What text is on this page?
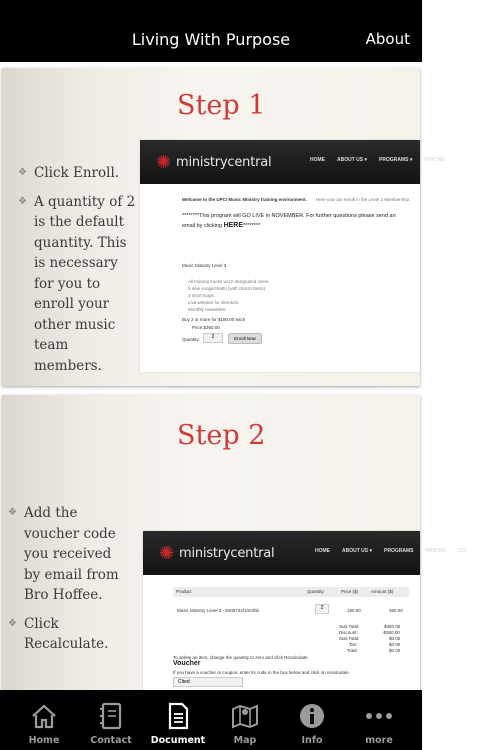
Living With Purpose	About
Step 1
❖ Click Enroll.
❖ A quantity of 2 is the default quantity. This is necessary for you to enroll your other music team members.
✺ ministrycentral	HOME ABOUT US ▾ PROGRAMS ▾ PRICING
Welcome to the UPCI Music Ministry training environment. Here you can enroll in the Level 3 Membership.
********This program will GO LIVE in NOVEMBER. For further questions please send an email by clicking HERE********
Music Ministry Level 3
All training tracks w/12 designated users.
5 new songs/charts (with chord charts).
3 short loops.
Live webinar for directors.
Monthly newsletter.
Buy 2 or more for $180.00 each
Price:$360.00
Quantity:	2	Enroll Now
Step 2
❖ Add the voucher code you received by email from Bro Hoffee.
❖ Click Recalculate.
✺ ministrycentral	HOME ABOUT US ▾ PROGRAMS PRICING CO
Product	Quantity	Price ($)	Amount ($)
Music Ministry Level 3 - 9406742f10e3hb	2	180.00	360.00
Sub-Total:	$360.00
Discount:	-$360.00
Sub-Total:	$0.00
Tax:	$0.00
Total:	$0.00
To delete an item, change the quantity to zero and click Recalculate
Voucher
If you have a voucher or coupon, enter its code in the box below and click on recalculate.
Cited
Home	Contact	Document	Map	Info	more
